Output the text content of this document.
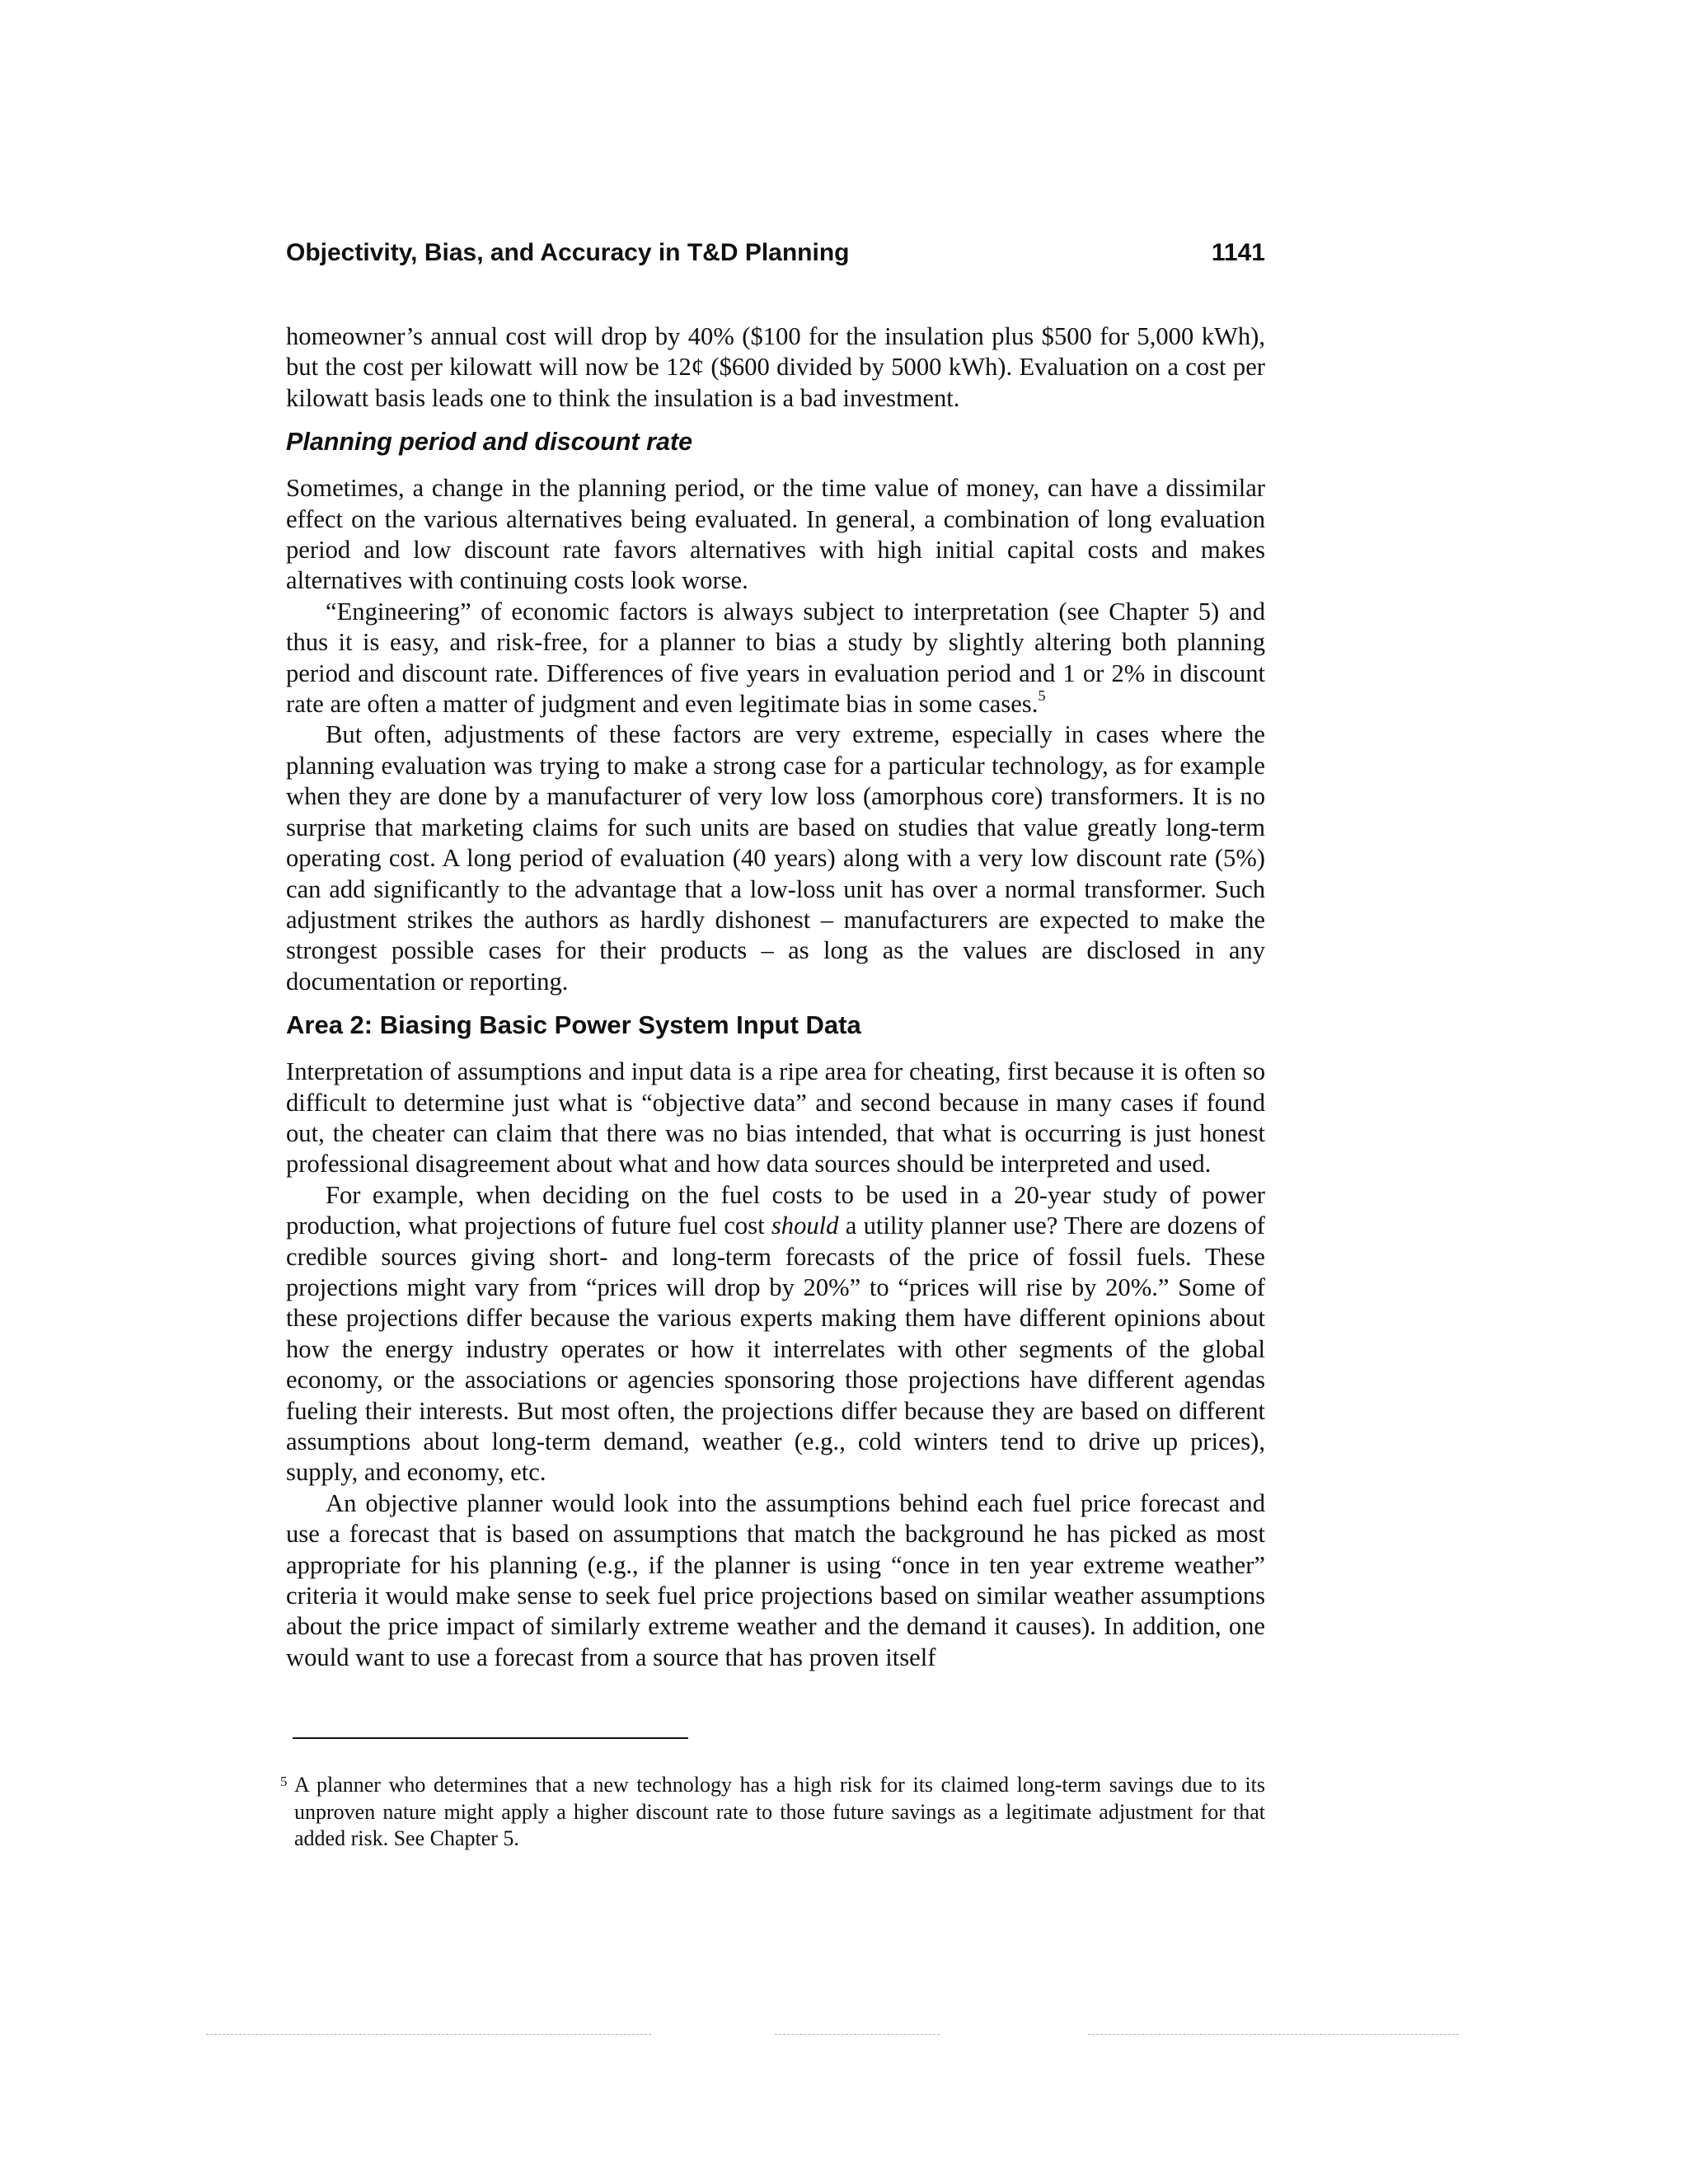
Objectivity, Bias, and Accuracy in T&D Planning	1141

homeowner’s annual cost will drop by 40% ($100 for the insulation plus $500 for 5,000 kWh), but the cost per kilowatt will now be 12¢ ($600 divided by 5000 kWh). Evaluation on a cost per kilowatt basis leads one to think the insulation is a bad investment.

Planning period and discount rate

Sometimes, a change in the planning period, or the time value of money, can have a dissimilar effect on the various alternatives being evaluated. In general, a combination of long evaluation period and low discount rate favors alternatives with high initial capital costs and makes alternatives with continuing costs look worse.

“Engineering” of economic factors is always subject to interpretation (see Chapter 5) and thus it is easy, and risk-free, for a planner to bias a study by slightly altering both planning period and discount rate. Differences of five years in evaluation period and 1 or 2% in discount rate are often a matter of judgment and even legitimate bias in some cases.$^5$

But often, adjustments of these factors are very extreme, especially in cases where the planning evaluation was trying to make a strong case for a particular technology, as for example when they are done by a manufacturer of very low loss (amorphous core) transformers. It is no surprise that marketing claims for such units are based on studies that value greatly long-term operating cost. A long period of evaluation (40 years) along with a very low discount rate (5%) can add significantly to the advantage that a low-loss unit has over a normal transformer. Such adjustment strikes the authors as hardly dishonest – manufacturers are expected to make the strongest possible cases for their products – as long as the values are disclosed in any documentation or reporting.

Area 2: Biasing Basic Power System Input Data

Interpretation of assumptions and input data is a ripe area for cheating, first because it is often so difficult to determine just what is “objective data” and second because in many cases if found out, the cheater can claim that there was no bias intended, that what is occurring is just honest professional disagreement about what and how data sources should be interpreted and used.

For example, when deciding on the fuel costs to be used in a 20-year study of power production, what projections of future fuel cost should a utility planner use? There are dozens of credible sources giving short- and long-term forecasts of the price of fossil fuels. These projections might vary from “prices will drop by 20%” to “prices will rise by 20%.” Some of these projections differ because the various experts making them have different opinions about how the energy industry operates or how it interrelates with other segments of the global economy, or the associations or agencies sponsoring those projections have different agendas fueling their interests. But most often, the projections differ because they are based on different assumptions about long-term demand, weather (e.g., cold winters tend to drive up prices), supply, and economy, etc.

An objective planner would look into the assumptions behind each fuel price forecast and use a forecast that is based on assumptions that match the background he has picked as most appropriate for his planning (e.g., if the planner is using “once in ten year extreme weather” criteria it would make sense to seek fuel price projections based on similar weather assumptions about the price impact of similarly extreme weather and the demand it causes). In addition, one would want to use a forecast from a source that has proven itself

5 A planner who determines that a new technology has a high risk for its claimed long-term savings due to its unproven nature might apply a higher discount rate to those future savings as a legitimate adjustment for that added risk. See Chapter 5.
